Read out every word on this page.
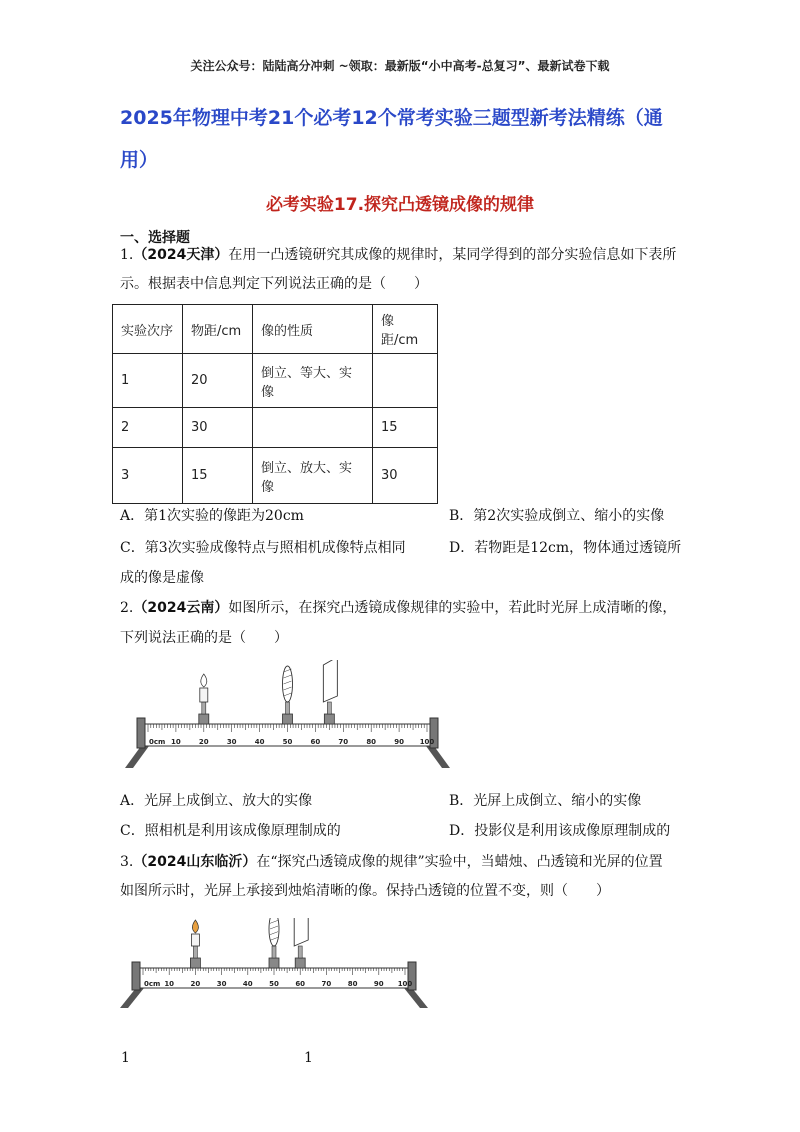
关注公众号：陆陆高分冲刺 ~领取：最新版“小中高考-总复习”、最新试卷下载
2025年物理中考21个必考12个常考实验三题型新考法精练（通
用）
必考实验17.探究凸透镜成像的规律
一、选择题
1.（2024天津）在用一凸透镜研究其成像的规律时，某同学得到的部分实验信息如下表所
示。根据表中信息判定下列说法正确的是（　　）
实验次序	物距/cm	像的性质	像距/cm
1	20	倒立、等大、实像	
2	30		15
3	15	倒立、放大、实像	30
A．第1次实验的像距为20cm	B．第2次实验成倒立、缩小的实像
C．第3次实验成像特点与照相机成像特点相同	D．若物距是12cm，物体通过透镜所
成的像是虚像
2.（2024云南）如图所示，在探究凸透镜成像规律的实验中，若此时光屏上成清晰的像，
下列说法正确的是（　　）
0cm 10	20	30	40	50	60	70	80	90 100
A．光屏上成倒立、放大的实像	B．光屏上成倒立、缩小的实像
C．照相机是利用该成像原理制成的	D．投影仪是利用该成像原理制成的
3.（2024山东临沂）在“探究凸透镜成像的规律”实验中，当蜡烛、凸透镜和光屏的位置
如图所示时，光屏上承接到烛焰清晰的像。保持凸透镜的位置不变，则（　　）
0cm 10 20 30 40 50 60 70 80 90 100
1	1
